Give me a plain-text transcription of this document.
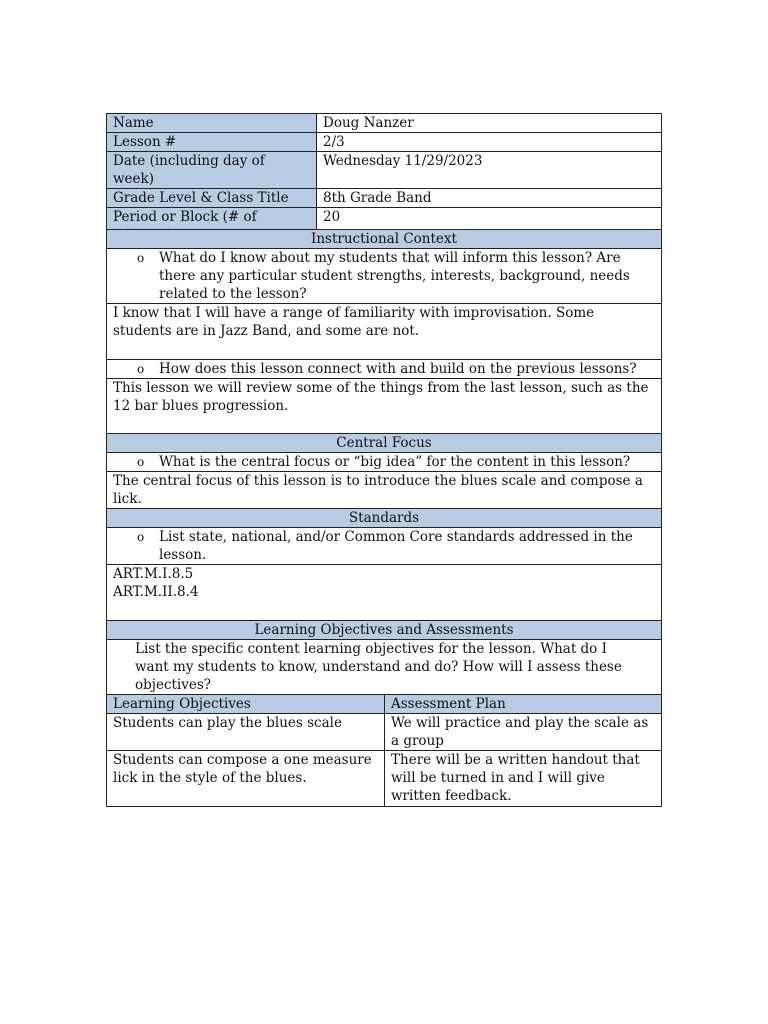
Name	Doug Nanzer
Lesson #	2/3
Date (including day of week)	Wednesday 11/29/2023
Grade Level & Class Title	8th Grade Band
Period or Block (# of	20
Instructional Context	

o What do I know about my students that will inform this lesson? Are there any particular student strengths, interests, background, needs related to the lesson?	
I know that I will have a range of familiarity with improvisation. Some students are in Jazz Band, and some are not.	

o How does this lesson connect with and build on the previous lessons?	
This lesson we will review some of the things from the last lesson, such as the 12 bar blues progression.	
Central Focus	

o What is the central focus or “big idea” for the content in this lesson?	
The central focus of this lesson is to introduce the blues scale and compose a lick.	
Standards	

o List state, national, and/or Common Core standards addressed in the lesson.	

ART.M.I.8.5
ART.M.II.8.4	

Learning Objectives and Assessments	
List the specific content learning objectives for the lesson. What do I want my students to know, understand and do? How will I assess these objectives?	
Learning Objectives	Assessment Plan
Students can play the blues scale	We will practice and play the scale as a group
Students can compose a one measure lick in the style of the blues.	There will be a written handout that will be turned in and I will give written feedback.
